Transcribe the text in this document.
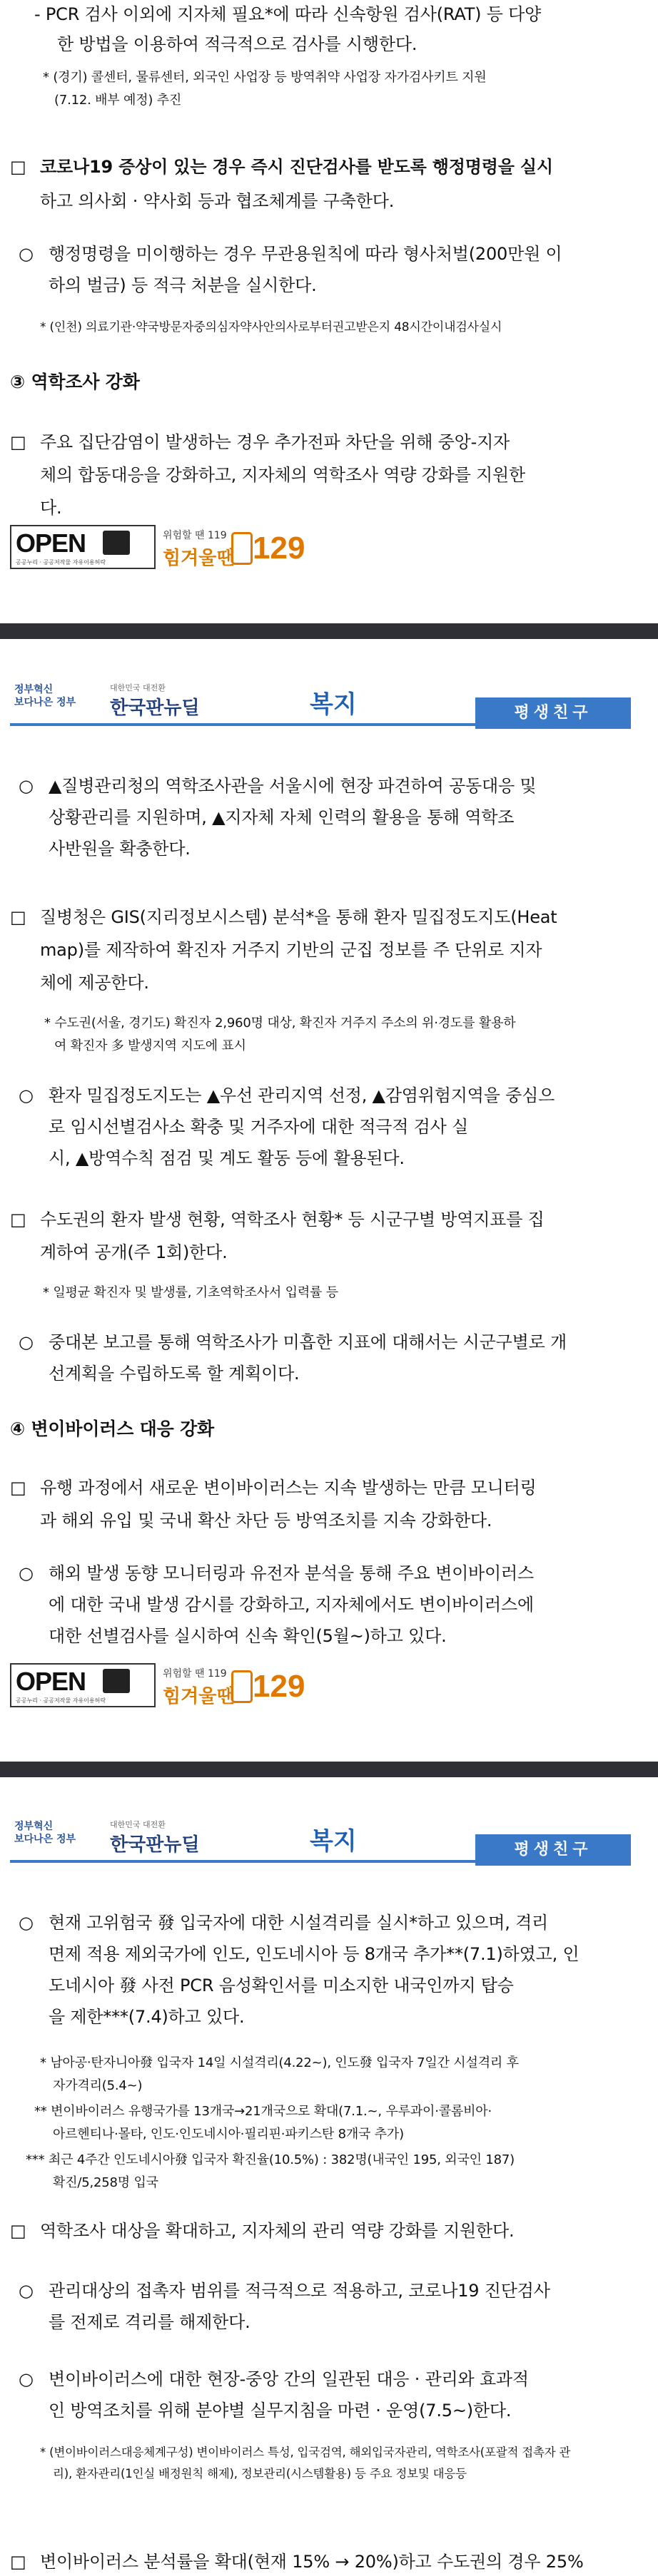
- PCR 검사 이외에 지자체 필요*에 따라 신속항원 검사(RAT) 등 다양

한 방법을 이용하여 적극적으로 검사를 시행한다.

* (경기) 콜센터, 물류센터, 외국인 사업장 등 방역취약 사업장 자가검사키트 지원

(7.12. 배부 예정) 추진

□ 코로나19 증상이 있는 경우 즉시 진단검사를 받도록 행정명령을 실시

하고 의사회 · 약사회 등과 협조체계를 구축한다.

○ 행정명령을 미이행하는 경우 무관용원칙에 따라 형사처벌(200만원 이

하의 벌금) 등 적극 처분을 실시한다.

* (인천) 의료기관‧약국방문자중의심자약사안의사로부터권고받은지 48시간이내검사실시

③ 역학조사 강화

□ 주요 집단감염이 발생하는 경우 추가전파 차단을 위해 중앙-지자

체의 합동대응을 강화하고, 지자체의 역학조사 역량 강화를 지원한

다.

OPEN
공공누리 · 공공저작물 자유이용허락
위험할 땐 119
힘겨울땐 129
정부혁신
보다나은 정부
대한민국 대전환
한국판뉴딜	복지	평생친구
○ ▲질병관리청의 역학조사관을 서울시에 현장 파견하여 공동대응 및

상황관리를 지원하며, ▲지자체 자체 인력의 활용을 통해 역학조

사반원을 확충한다.

□ 질병청은 GIS(지리정보시스템) 분석*을 통해 환자 밀집정도지도(Heat

map)를 제작하여 확진자 거주지 기반의 군집 정보를 주 단위로 지자

체에 제공한다.

* 수도권(서울, 경기도) 확진자 2,960명 대상, 확진자 거주지 주소의 위·경도를 활용하

여 확진자 多 발생지역 지도에 표시

○ 환자 밀집정도지도는 ▲우선 관리지역 선정, ▲감염위험지역을 중심으

로 임시선별검사소 확충 및 거주자에 대한 적극적 검사 실

시, ▲방역수칙 점검 및 계도 활동 등에 활용된다.

□ 수도권의 환자 발생 현황, 역학조사 현황* 등 시군구별 방역지표를 집

계하여 공개(주 1회)한다.

* 일평균 확진자 및 발생률, 기초역학조사서 입력률 등

○ 중대본 보고를 통해 역학조사가 미흡한 지표에 대해서는 시군구별로 개

선계획을 수립하도록 할 계획이다.

④ 변이바이러스 대응 강화

□ 유행 과정에서 새로운 변이바이러스는 지속 발생하는 만큼 모니터링

과 해외 유입 및 국내 확산 차단 등 방역조치를 지속 강화한다.

○ 해외 발생 동향 모니터링과 유전자 분석을 통해 주요 변이바이러스

에 대한 국내 발생 감시를 강화하고, 지자체에서도 변이바이러스에

대한 선별검사를 실시하여 신속 확인(5월~)하고 있다.

OPEN
공공누리 · 공공저작물 자유이용허락
위험할 땐 119
힘겨울땐 129
정부혁신
보다나은 정부
대한민국 대전환
한국판뉴딜	복지	평생친구
○ 현재 고위험국 發 입국자에 대한 시설격리를 실시*하고 있으며, 격리

면제 적용 제외국가에 인도, 인도네시아 등 8개국 추가**(7.1)하였고, 인

도네시아 發 사전 PCR 음성확인서를 미소지한 내국인까지 탑승

을 제한***(7.4)하고 있다.

* 남아공‧탄자니아發 입국자 14일 시설격리(4.22~), 인도發 입국자 7일간 시설격리 후

자가격리(5.4~)

** 변이바이러스 유행국가를 13개국→21개국으로 확대(7.1.~, 우루과이·콜롬비아·

아르헨티나·몰타, 인도·인도네시아·필리핀·파키스탄 8개국 추가)

*** 최근 4주간 인도네시아發 입국자 확진율(10.5%) : 382명(내국인 195, 외국인 187)

확진/5,258명 입국

□ 역학조사 대상을 확대하고, 지자체의 관리 역량 강화를 지원한다.

○ 관리대상의 접촉자 범위를 적극적으로 적용하고, 코로나19 진단검사

를 전제로 격리를 해제한다.

○ 변이바이러스에 대한 현장-중앙 간의 일관된 대응 · 관리와 효과적

인 방역조치를 위해 분야별 실무지침을 마련 · 운영(7.5~)한다.

* (변이바이러스대응체계구성) 변이바이러스 특성, 입국검역, 해외입국자관리, 역학조사(포괄적 접촉자 관

리), 환자관리(1인실 배정원칙 해제), 정보관리(시스템활용) 등 주요 정보및 대응등

□ 변이바이러스 분석률을 확대(현재 15% → 20%)하고 수도권의 경우 25%
